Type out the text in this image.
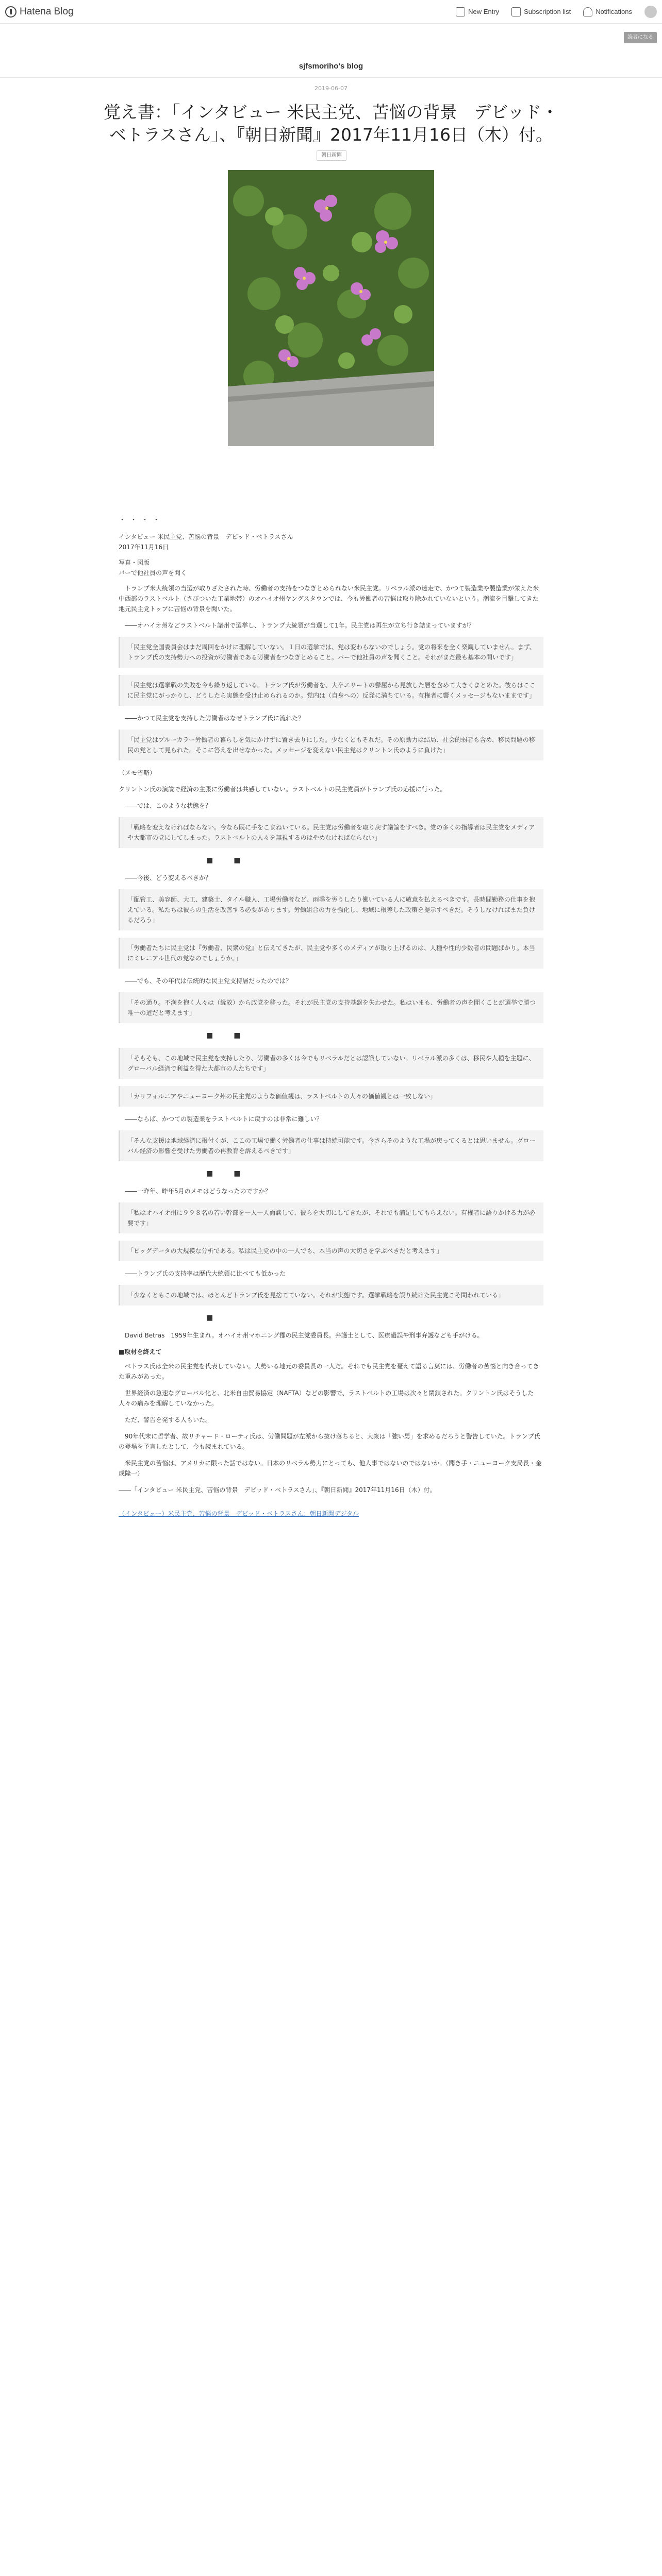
Hatena Blog	New Entry	Subscription list	Notifications
読者になる
sjfsmoriho's blog
2019-06-07
覚え書：「インタビュー 米民主党、苦悩の背景　デビッド・ベトラスさん」、『朝日新聞』2017年11月16日（木）付。
朝日新聞
・・・・
インタビュー 米民主党、苦悩の背景　デビッド・ベトラスさん
2017年11月16日
写真・図版
バーで他社員の声を聞く

　トランプ米大統領の当選が取りざたされた時、労働者の支持をつなぎとめられない米民主党。リベラル派の迷走で、かつて製造業や製造業が栄えた米中西部のラストベルト（さびついた工業地帯）のオハイオ州ヤングスタウンでは、今も労働者の苦悩は取り除かれていないという。潮流を目撃してきた地元民主党トップに苦悩の背景を聞いた。

　――オハイオ州などラストベルト諸州で選挙し、トランプ大統領が当選して1年。民主党は再生が立ち行き詰まっていますが？

「民主党全国委員会はまだ周回をかけに理解していない。１日の選挙では、党は変わらないのでしょう。党の将来を全く楽観していません。まず、トランプ氏の支持勢力への投資が労働者である労働者をつなぎとめること。バーで他社員の声を聞くこと。それがまだ最も基本の問いです」
「民主党は選挙戦の失敗を今も繰り返している。トランプ氏が労働者を、大卒エリートの鬱屈から見放した層を含めて大きくまとめた。彼らはここに民主党にがっかりし、どうしたら実態を受け止められるのか。党内は（自身への）反発に満ちている。有権者に響くメッセージもないままです」

　――かつて民主党を支持した労働者はなぜトランプ氏に流れた？

「民主党はブルーカラー労働者の暮らしを気にかけずに置き去りにした。少なくともそれだ。その原動力は結局、社会的弱者も含め、移民問題の移民の党として見られた。そこに答えを出せなかった。メッセージを変えない民主党はクリントン氏のように負けた」

（メモ省略）

クリントン氏の演説で経済の主張に労働者は共感していない。ラストベルトの民主党員がトランプ氏の応援に行った。

　――では、このような状態を？

「戦略を変えなければならない。今なら既に手をこまねいている。民主党は労働者を取り戻す議論をすべき。党の多くの指導者は民主党をメディアや大都市の党にしてしまった。ラストベルトの人々を無視するのはやめなければならない」
■■

　――今後、どう変えるべきか？

「配管工、美容師、大工、建築士、タイル職人、工場労働者など、雨季を労うしたり働いている人に敬意を払えるべきです。長時間勤務の仕事を抱えている。私たちは彼らの生活を改善する必要があります。労働組合の力を強化し、地域に根差した政策を提示すべきだ。そうしなければまた負けるだろう」
「労働者たちに民主党は『労働者、民衆の党』と伝えてきたが、民主党や多くのメディアが取り上げるのは、人種や性的少数者の問題ばかり。本当にミレニアル世代の党なのでしょうか。」

　――でも、その年代は伝統的な民主党支持層だったのでは？

「その通り。不満を抱く人々は（縁故）から政党を移った。それが民主党の支持基盤を失わせた。私はいまも、労働者の声を聞くことが選挙で勝つ唯一の道だと考えます」
■■
「そもそも、この地域で民主党を支持したり、労働者の多くは今でもリベラルだとは認識していない。リベラル派の多くは、移民や人種を主題に、グローバル経済で利益を得た大都市の人たちです」
「カリフォルニアやニューヨーク州の民主党のような価値観は、ラストベルトの人々の価値観とは一致しない」

　――ならば、かつての製造業をラストベルトに戻すのは非常に難しい？

「そんな支援は地域経済に根付くが、ここの工場で働く労働者の仕事は持続可能です。今さらそのような工場が戻ってくるとは思いません。グローバル経済の影響を受けた労働者の再教育を訴えるべきです」
■■

　――一昨年、昨年5月のメモはどうなったのですか？

「私はオハイオ州に９９８名の若い幹部を一人一人面談して、彼らを大切にしてきたが、それでも満足してもらえない。有権者に語りかける力が必要です」
「ビッグデータの大規模な分析である。私は民主党の中の一人でも、本当の声の大切さを学ぶべきだと考えます」

　――トランプ氏の支持率は歴代大統領に比べても低かった

「少なくともこの地域では、ほとんどトランプ氏を見捨てていない。それが実態です。選挙戦略を誤り続けた民主党こそ問われている」
■

　David Betras　1959年生まれ。オハイオ州マホニング郡の民主党委員長。弁護士として、医療過誤や刑事弁護なども手がける。

■取材を終えて

　ベトラス氏は全米の民主党を代表していない。大勢いる地元の委員長の一人だ。それでも民主党を憂えて語る言葉には、労働者の苦悩と向き合ってきた重みがあった。

　世界経済の急速なグローバル化と、北米自由貿易協定（NAFTA）などの影響で、ラストベルトの工場は次々と閉鎖された。クリントン氏はそうした人々の痛みを理解していなかった。

　ただ、警告を発する人もいた。

　90年代末に哲学者、故リチャード・ローティ氏は、労働問題が左派から抜け落ちると、大衆は「強い男」を求めるだろうと警告していた。トランプ氏の登場を予言したとして、今も読まれている。

　米民主党の苦悩は、アメリカに限った話ではない。日本のリベラル勢力にとっても、他人事ではないのではないか。（聞き手・ニューヨーク支局長・金成隆一）

――「インタビュー 米民主党、苦悩の背景　デビッド・ベトラスさん」、『朝日新聞』2017年11月16日（木）付。

（インタビュー）米民主党、苦悩の背景　デビッド・ベトラスさん：朝日新聞デジタル
